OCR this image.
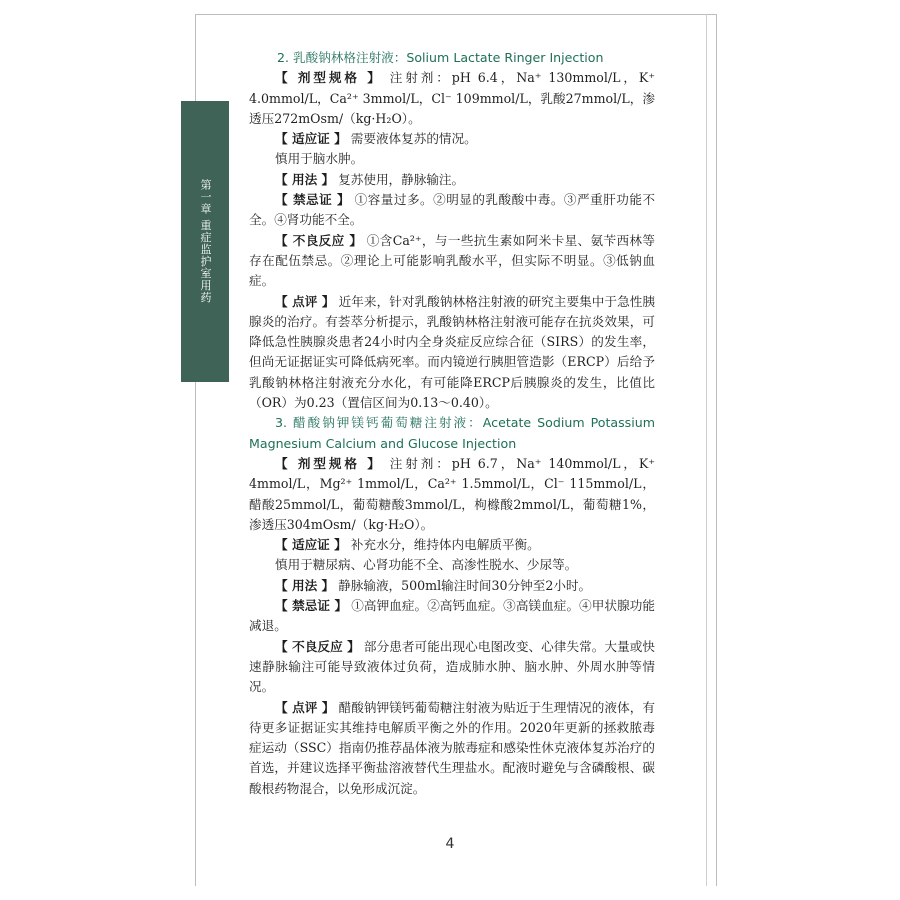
第一章 重症监护室用药

2. 乳酸钠林格注射液：Solium Lactate Ringer Injection

【 剂型规格 】 注射剂：pH 6.4，Na⁺ 130mmol/L，K⁺ 4.0mmol/L，Ca²⁺ 3mmol/L，Cl⁻ 109mmol/L，乳酸27mmol/L，渗透压272mOsm/（kg·H₂O）。

【 适应证 】 需要液体复苏的情况。

慎用于脑水肿。

【 用法 】 复苏使用，静脉输注。

【 禁忌证 】 ①容量过多。②明显的乳酸酸中毒。③严重肝功能不全。④肾功能不全。

【 不良反应 】 ①含Ca²⁺，与一些抗生素如阿米卡星、氨苄西林等存在配伍禁忌。②理论上可能影响乳酸水平，但实际不明显。③低钠血症。

【 点评 】 近年来，针对乳酸钠林格注射液的研究主要集中于急性胰腺炎的治疗。有荟萃分析提示，乳酸钠林格注射液可能存在抗炎效果，可降低急性胰腺炎患者24小时内全身炎症反应综合征（SIRS）的发生率，但尚无证据证实可降低病死率。而内镜逆行胰胆管造影（ERCP）后给予乳酸钠林格注射液充分水化，有可能降ERCP后胰腺炎的发生，比值比（OR）为0.23（置信区间为0.13～0.40）。

3. 醋酸钠钾镁钙葡萄糖注射液：Acetate Sodium Potassium Magnesium Calcium and Glucose Injection

【 剂型规格 】 注射剂：pH 6.7，Na⁺ 140mmol/L，K⁺ 4mmol/L，Mg²⁺ 1mmol/L，Ca²⁺ 1.5mmol/L，Cl⁻ 115mmol/L，醋酸25mmol/L，葡萄糖酸3mmol/L，枸橼酸2mmol/L，葡萄糖1%，渗透压304mOsm/（kg·H₂O）。

【 适应证 】 补充水分，维持体内电解质平衡。

慎用于糖尿病、心肾功能不全、高渗性脱水、少尿等。

【 用法 】 静脉输液，500ml输注时间30分钟至2小时。

【 禁忌证 】 ①高钾血症。②高钙血症。③高镁血症。④甲状腺功能减退。

【 不良反应 】 部分患者可能出现心电图改变、心律失常。大量或快速静脉输注可能导致液体过负荷，造成肺水肿、脑水肿、外周水肿等情况。

【 点评 】 醋酸钠钾镁钙葡萄糖注射液为贴近于生理情况的液体，有待更多证据证实其维持电解质平衡之外的作用。2020年更新的拯救脓毒症运动（SSC）指南仍推荐晶体液为脓毒症和感染性休克液体复苏治疗的首选，并建议选择平衡盐溶液替代生理盐水。配液时避免与含磷酸根、碳酸根药物混合，以免形成沉淀。

4
